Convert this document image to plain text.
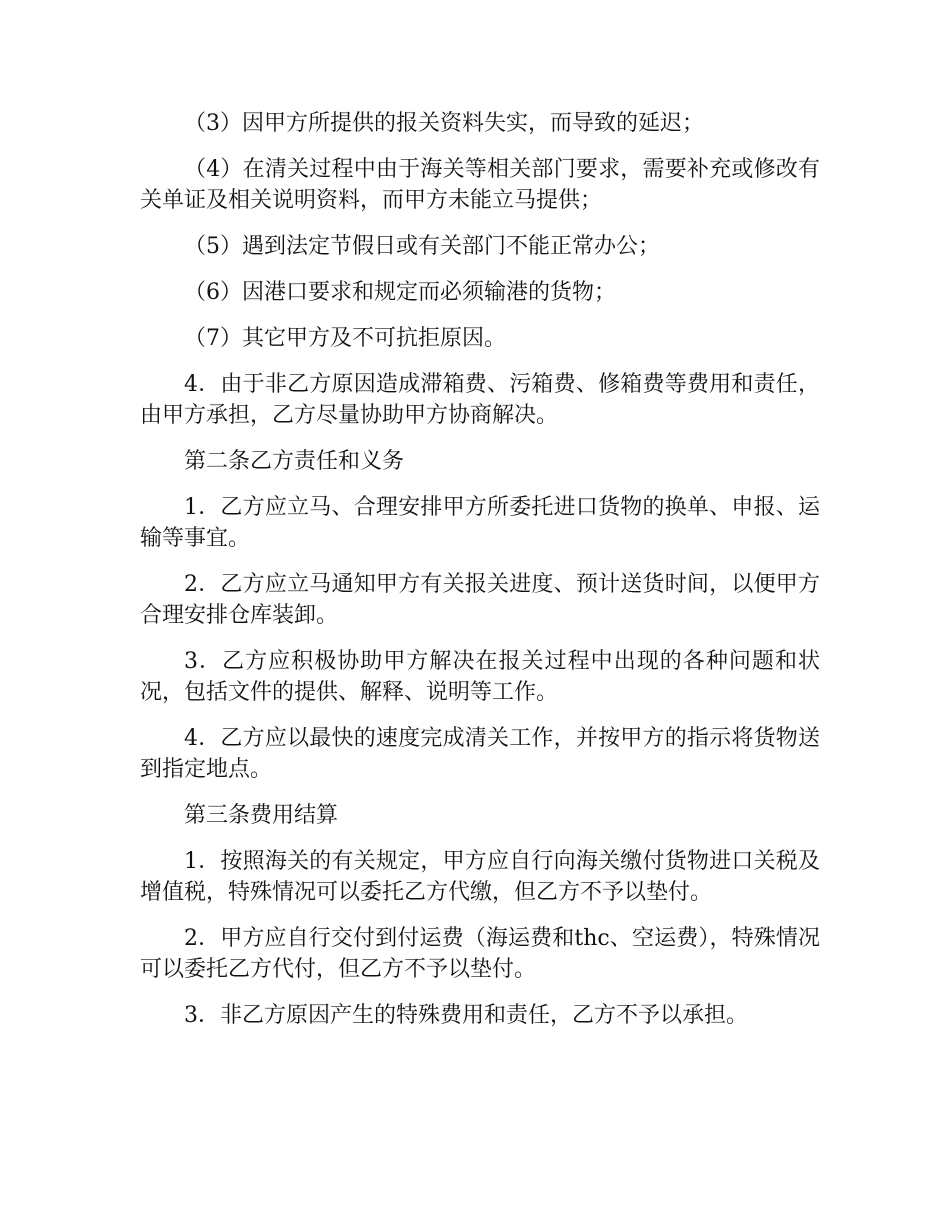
（3）因甲方所提供的报关资料失实，而导致的延迟；

（4）在清关过程中由于海关等相关部门要求，需要补充或修改有关单证及相关说明资料，而甲方未能立马提供；

（5）遇到法定节假日或有关部门不能正常办公；

（6）因港口要求和规定而必须输港的货物；

（7）其它甲方及不可抗拒原因。

4．由于非乙方原因造成滞箱费、污箱费、修箱费等费用和责任，由甲方承担，乙方尽量协助甲方协商解决。

第二条乙方责任和义务

1．乙方应立马、合理安排甲方所委托进口货物的换单、申报、运输等事宜。

2．乙方应立马通知甲方有关报关进度、预计送货时间，以便甲方合理安排仓库装卸。

3．乙方应积极协助甲方解决在报关过程中出现的各种问题和状况，包括文件的提供、解释、说明等工作。

4．乙方应以最快的速度完成清关工作，并按甲方的指示将货物送到指定地点。

第三条费用结算

1．按照海关的有关规定，甲方应自行向海关缴付货物进口关税及增值税，特殊情况可以委托乙方代缴，但乙方不予以垫付。

2．甲方应自行交付到付运费（海运费和thc、空运费），特殊情况可以委托乙方代付，但乙方不予以垫付。

3．非乙方原因产生的特殊费用和责任，乙方不予以承担。
